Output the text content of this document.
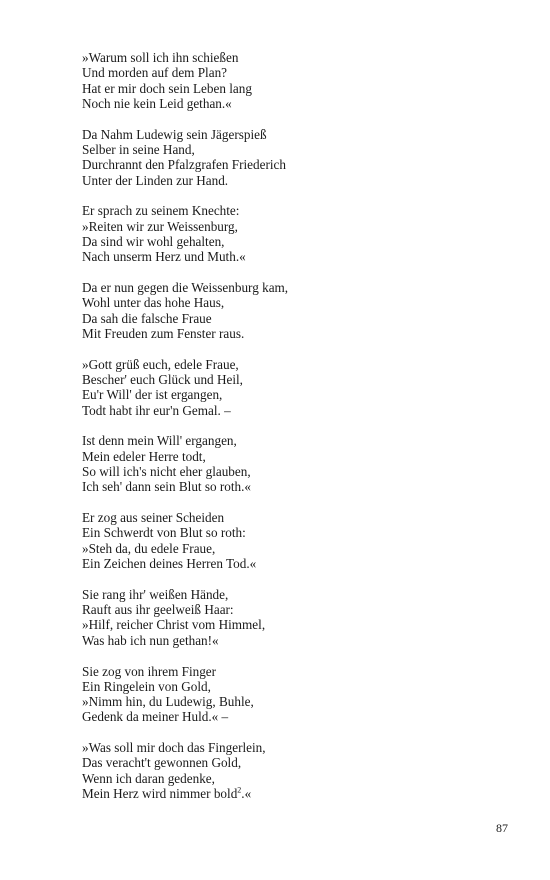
»Warum soll ich ihn schießen
Und morden auf dem Plan?
Hat er mir doch sein Leben lang
Noch nie kein Leid gethan.«
Da Nahm Ludewig sein Jägerspieß
Selber in seine Hand,
Durchrannt den Pfalzgrafen Friederich
Unter der Linden zur Hand.
Er sprach zu seinem Knechte:
»Reiten wir zur Weissenburg,
Da sind wir wohl gehalten,
Nach unserm Herz und Muth.«
Da er nun gegen die Weissenburg kam,
Wohl unter das hohe Haus,
Da sah die falsche Fraue
Mit Freuden zum Fenster raus.
»Gott grüß euch, edele Fraue,
Bescher' euch Glück und Heil,
Eu'r Will' der ist ergangen,
Todt habt ihr eur'n Gemal. –
Ist denn mein Will' ergangen,
Mein edeler Herre todt,
So will ich's nicht eher glauben,
Ich seh' dann sein Blut so roth.«
Er zog aus seiner Scheiden
Ein Schwerdt von Blut so roth:
»Steh da, du edele Fraue,
Ein Zeichen deines Herren Tod.«
Sie rang ihr' weißen Hände,
Rauft aus ihr geelweiß Haar:
»Hilf, reicher Christ vom Himmel,
Was hab ich nun gethan!«
Sie zog von ihrem Finger
Ein Ringelein von Gold,
»Nimm hin, du Ludewig, Buhle,
Gedenk da meiner Huld.« –
»Was soll mir doch das Fingerlein,
Das veracht't gewonnen Gold,
Wenn ich daran gedenke,
Mein Herz wird nimmer bold$^2$.«
87
